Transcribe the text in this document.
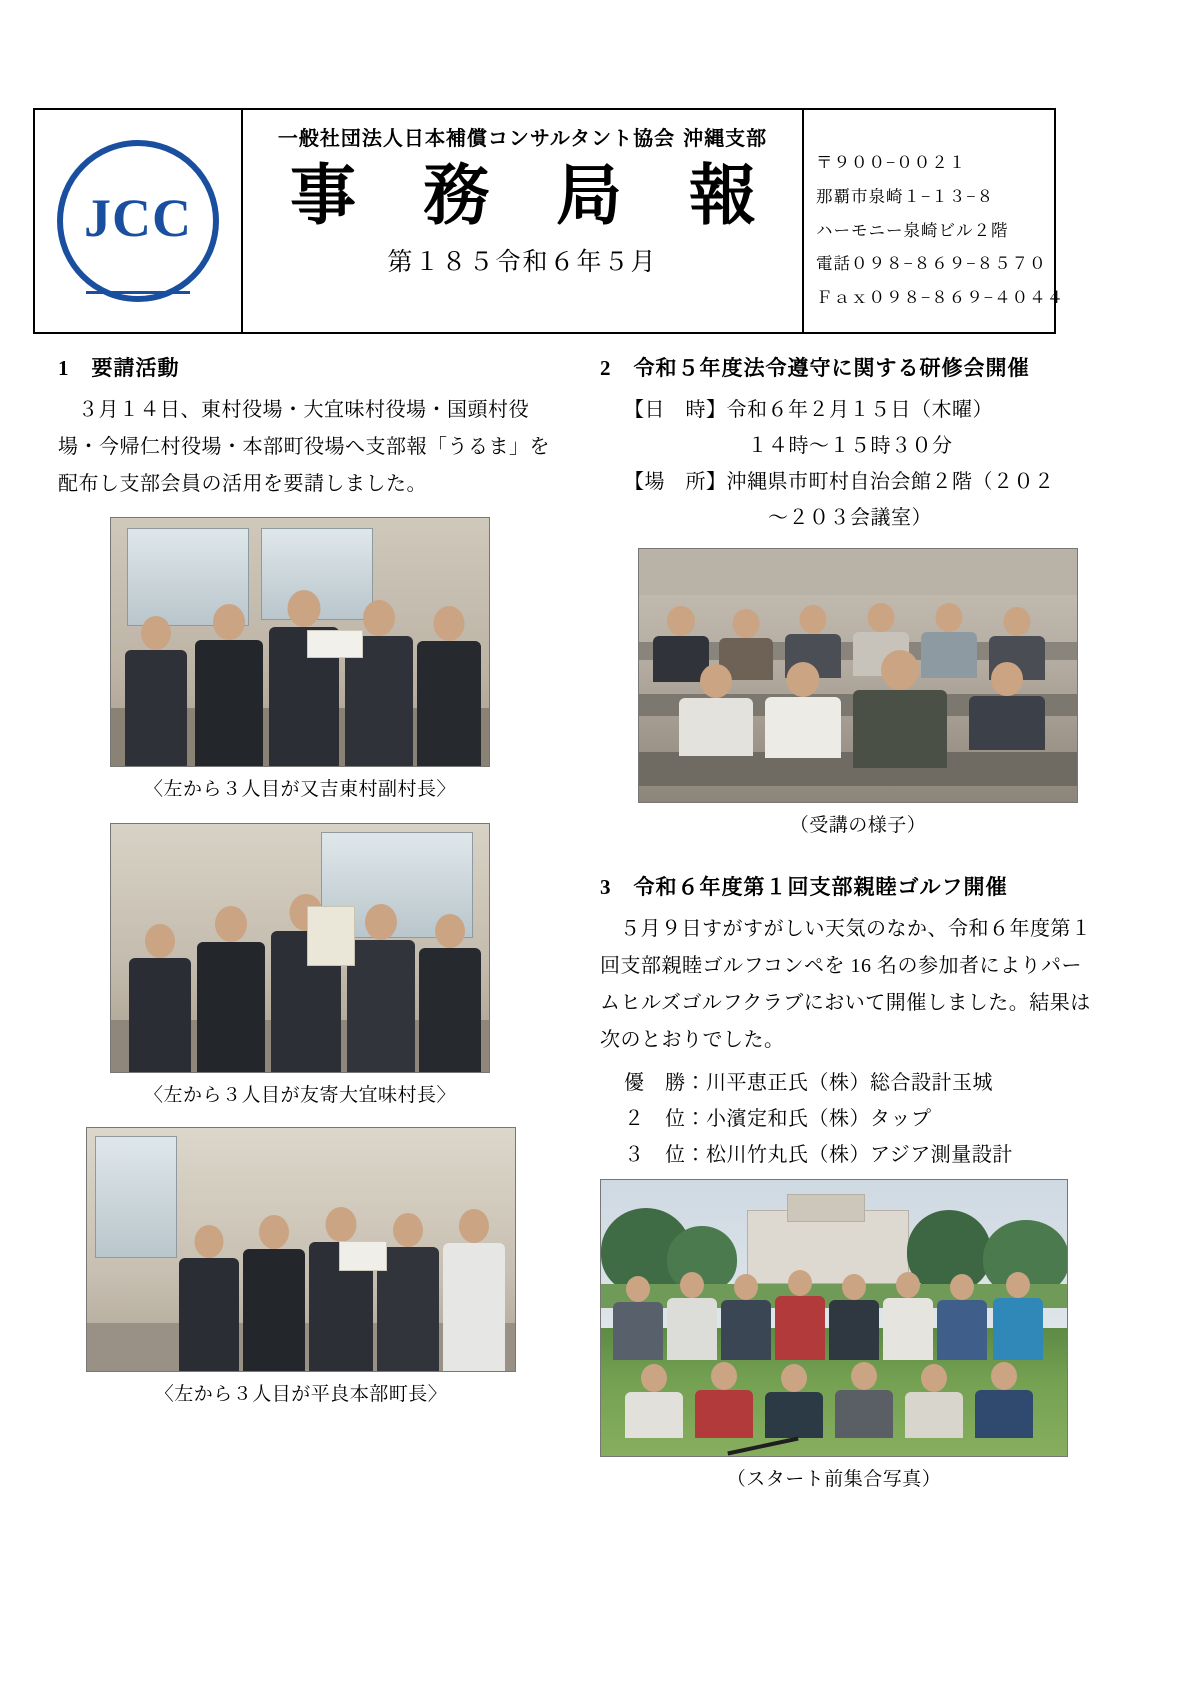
JCC
一般社団法人日本補償コンサルタント協会 沖縄支部
事 務 局 報
第１８５令和６年５月
〒９００−００２１
那覇市泉崎１−１３−８
ハーモニー泉崎ビル２階
電話０９８−８６９−８５７０
Ｆａｘ０９８−８６９−４０４４
1 要請活動

３月１４日、東村役場・大宜味村役場・国頭村役場・今帰仁村役場・本部町役場へ支部報「うるま」を配布し支部会員の活用を要請しました。

〈左から３人目が又吉東村副村長〉
〈左から３人目が友寄大宜味村長〉
〈左から３人目が平良本部町長〉
2 令和５年度法令遵守に関する研修会開催

【日　時】令和６年２月１５日（木曜）

１４時〜１５時３０分

【場　所】沖縄県市町村自治会館２階（２０２

〜２０３会議室）

（受講の様子）
3 令和６年度第１回支部親睦ゴルフ開催

５月９日すがすがしい天気のなか、令和６年度第１回支部親睦ゴルフコンペを 16 名の参加者によりパームヒルズゴルフクラブにおいて開催しました。結果は次のとおりでした。

優　勝：川平恵正氏（株）総合設計玉城

２　位：小濱定和氏（株）タップ

３　位：松川竹丸氏（株）アジア測量設計

（スタート前集合写真）
